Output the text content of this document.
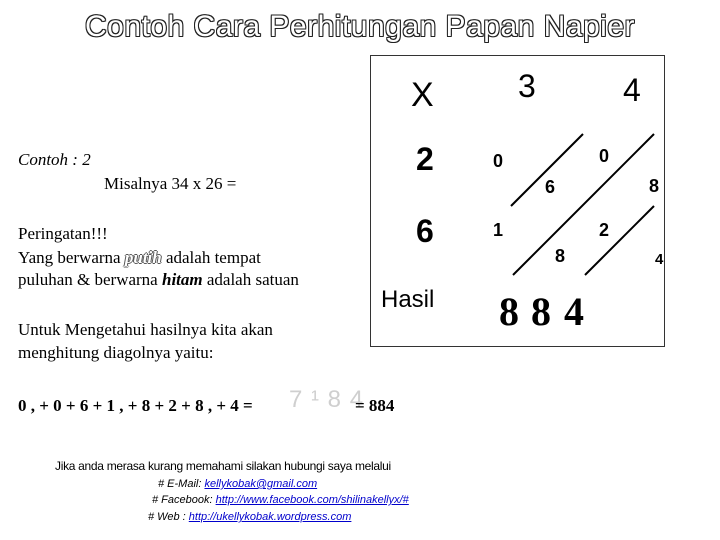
Contoh Cara Perhitungan Papan Napier
Contoh : 2
Misalnya 34 x 26 =
Peringatan!!!
Yang berwarna putih adalah tempat
puluhan & berwarna hitam adalah satuan
Untuk Mengetahui hasilnya kita akan
menghitung diagolnya yaitu:
X	3	4
2
6
0
6
0
8
1
8
2
4
Hasil 8 8 4
0 , + 0 + 6 + 1 , + 8 + 2 + 8 , + 4 = 7 ¹ 8 4
= 884
Jika anda merasa kurang memahami silakan hubungi saya melalui
# E-Mail: kellykobak@gmail.com
# Facebook: http://www.facebook.com/shilinakellyx/#
# Web : http://ukellykobak.wordpress.com
